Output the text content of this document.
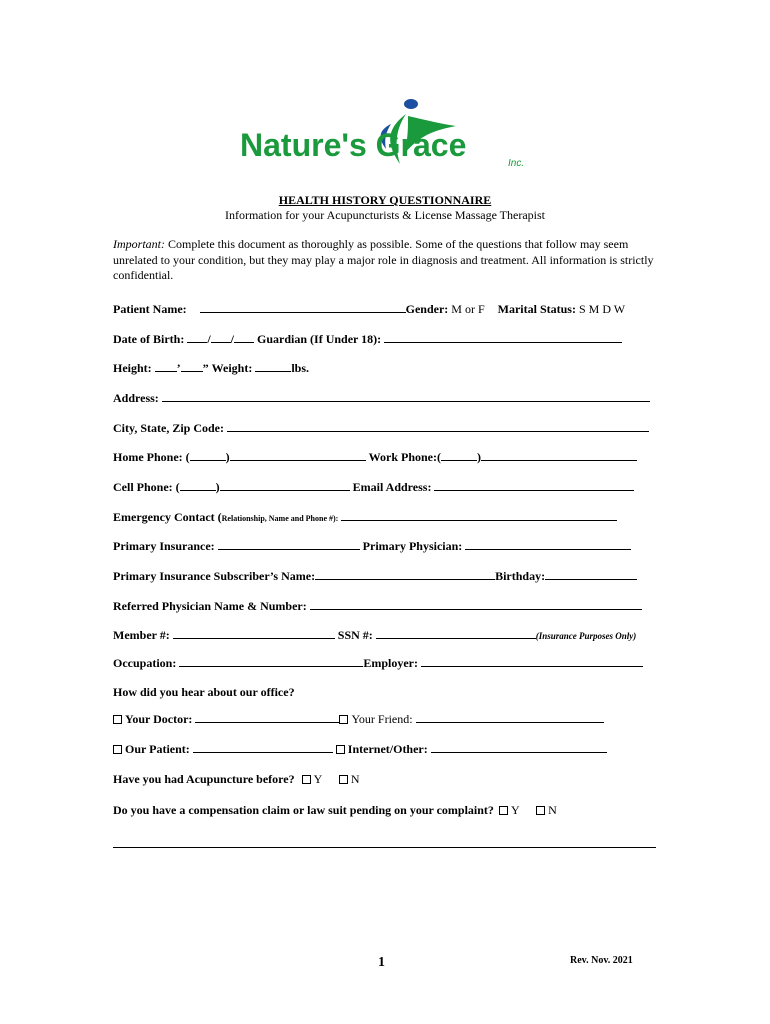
Nature's Grace
Inc.
HEALTH HISTORY QUESTIONNAIRE
Information for your Acupuncturists & License Massage Therapist
Important: Complete this document as thoroughly as possible. Some of the questions that follow may seem unrelated to your condition, but they may play a major role in diagnosis and treatment. All information is strictly confidential.
Patient Name:	Gender: M or F Marital Status: S M D W
Date of Birth: / / Guardian (If Under 18):
Height: ’ ” Weight:	lbs.
Address:
City, State, Zip Code:
Home Phone: (	)	Work Phone:(	)
Cell Phone: (	)	Email Address:
Emergency Contact (Relationship, Name and Phone #):
Primary Insurance:	Primary Physician:
Primary Insurance Subscriber’s Name:	Birthday:
Referred Physician Name & Number:
Member #:	SSN #:	(Insurance Purposes Only)
Occupation:	Employer:
How did you hear about our office?
Your Doctor:	Your Friend:
Our Patient:	Internet/Other:
Have you had Acupuncture before? Y N
Do you have a compensation claim or law suit pending on your complaint? Y N
1	Rev. Nov. 2021
